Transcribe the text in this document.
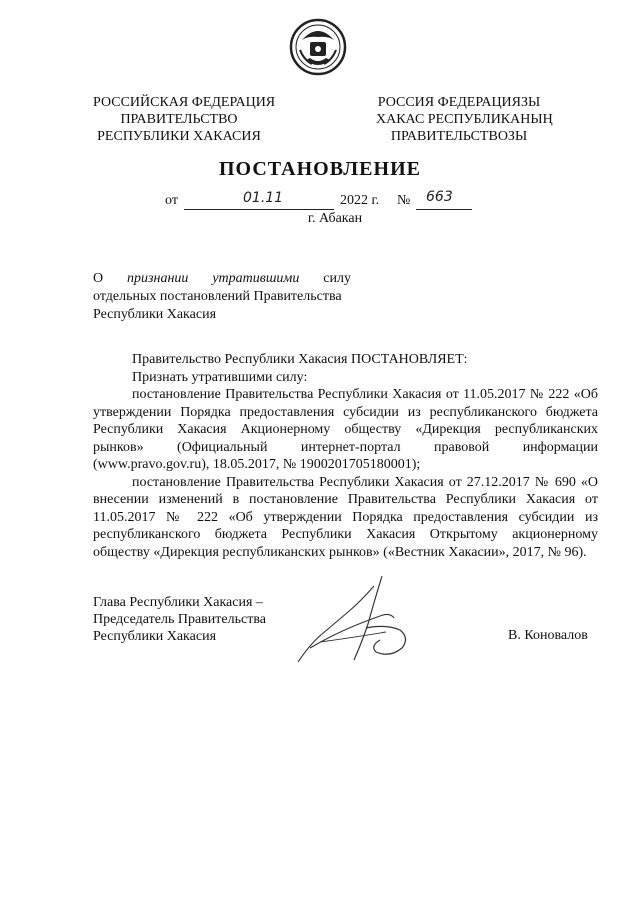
РОССИЙСКАЯ ФЕДЕРАЦИЯ
ПРАВИТЕЛЬСТВО
РЕСПУБЛИКИ ХАКАСИЯ
РОССИЯ ФЕДЕРАЦИЯЗЫ
ХАКАС РЕСПУБЛИКАНЫҢ
ПРАВИТЕЛЬСТВОЗЫ
ПОСТАНОВЛЕНИЕ
от	01.11	2022 г. № 663
г. Абакан
О признании утратившими силу
отдельных постановлений Правительства
Республики Хакасия

Правительство Республики Хакасия ПОСТАНОВЛЯЕТ:

Признать утратившими силу:

постановление Правительства Республики Хакасия от 11.05.2017 № 222 «Об утверждении Порядка предоставления субсидии из республиканского бюджета Республики Хакасия Акционерному обществу «Дирекция республиканских рынков» (Официальный интернет-портал правовой информации (www.pravo.gov.ru), 18.05.2017, № 1900201705180001);

постановление Правительства Республики Хакасия от 27.12.2017 № 690 «О внесении изменений в постановление Правительства Республики Хакасия от 11.05.2017 № 222 «Об утверждении Порядка предоставления субсидии из республиканского бюджета Республики Хакасия Открытому акционерному обществу «Дирекция республиканских рынков» («Вестник Хакасии», 2017, № 96).

Глава Республики Хакасия –
Председатель Правительства
Республики Хакасия	В. Коновалов
